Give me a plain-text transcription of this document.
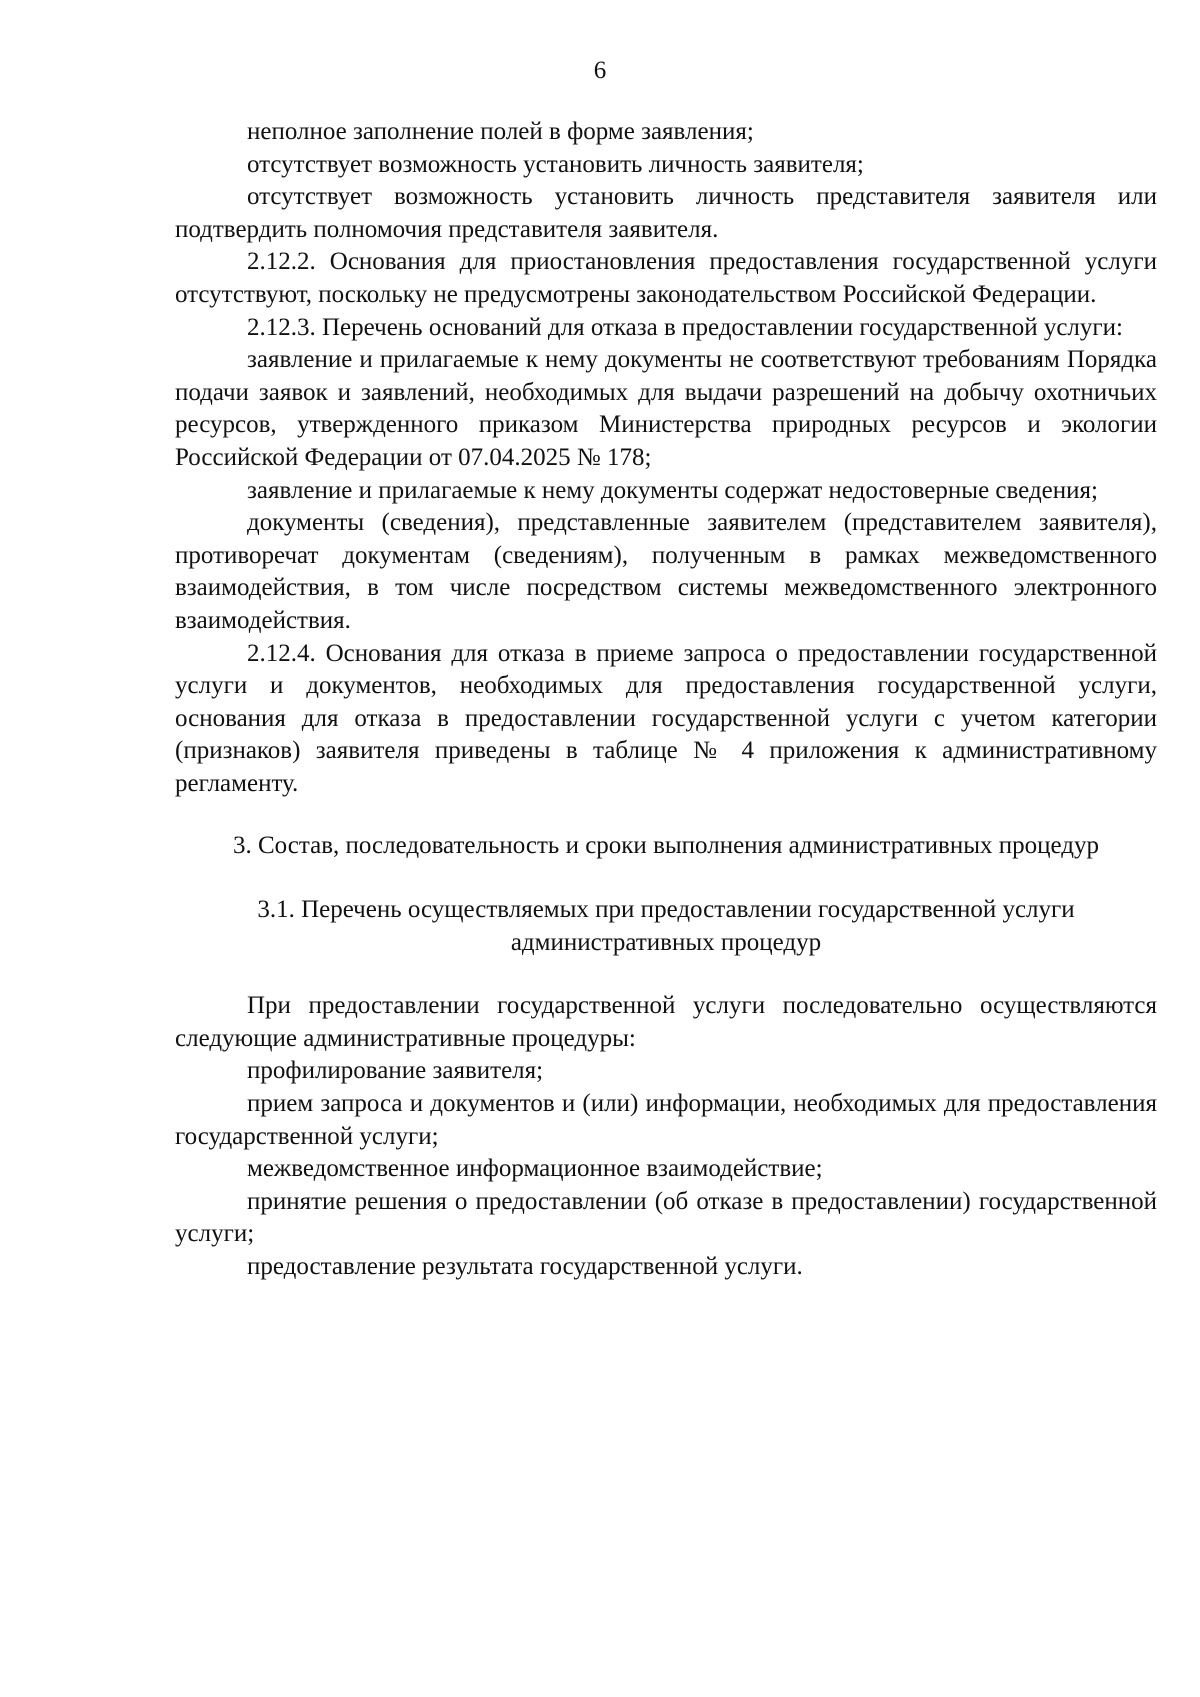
6

неполное заполнение полей в форме заявления;

отсутствует возможность установить личность заявителя;

отсутствует возможность установить личность представителя заявителя или подтвердить полномочия представителя заявителя.

2.12.2. Основания для приостановления предоставления государственной услуги отсутствуют, поскольку не предусмотрены законодательством Российской Федерации.

2.12.3. Перечень оснований для отказа в предоставлении государственной услуги:

заявление и прилагаемые к нему документы не соответствуют требованиям Порядка подачи заявок и заявлений, необходимых для выдачи разрешений на добычу охотничьих ресурсов, утвержденного приказом Министерства природных ресурсов и экологии Российской Федерации от 07.04.2025 № 178;

заявление и прилагаемые к нему документы содержат недостоверные сведения;

документы (сведения), представленные заявителем (представителем заявителя), противоречат документам (сведениям), полученным в рамках межведомственного взаимодействия, в том числе посредством системы межведомственного электронного взаимодействия.

2.12.4. Основания для отказа в приеме запроса о предоставлении государственной услуги и документов, необходимых для предоставления государственной услуги, основания для отказа в предоставлении государственной услуги с учетом категории (признаков) заявителя приведены в таблице № 4 приложения к административному регламенту.

3. Состав, последовательность и сроки выполнения административных процедур
3.1. Перечень осуществляемых при предоставлении государственной услуги административных процедур

При предоставлении государственной услуги последовательно осуществляются следующие административные процедуры:

профилирование заявителя;

прием запроса и документов и (или) информации, необходимых для предоставления государственной услуги;

межведомственное информационное взаимодействие;

принятие решения о предоставлении (об отказе в предоставлении) государственной услуги;

предоставление результата государственной услуги.
